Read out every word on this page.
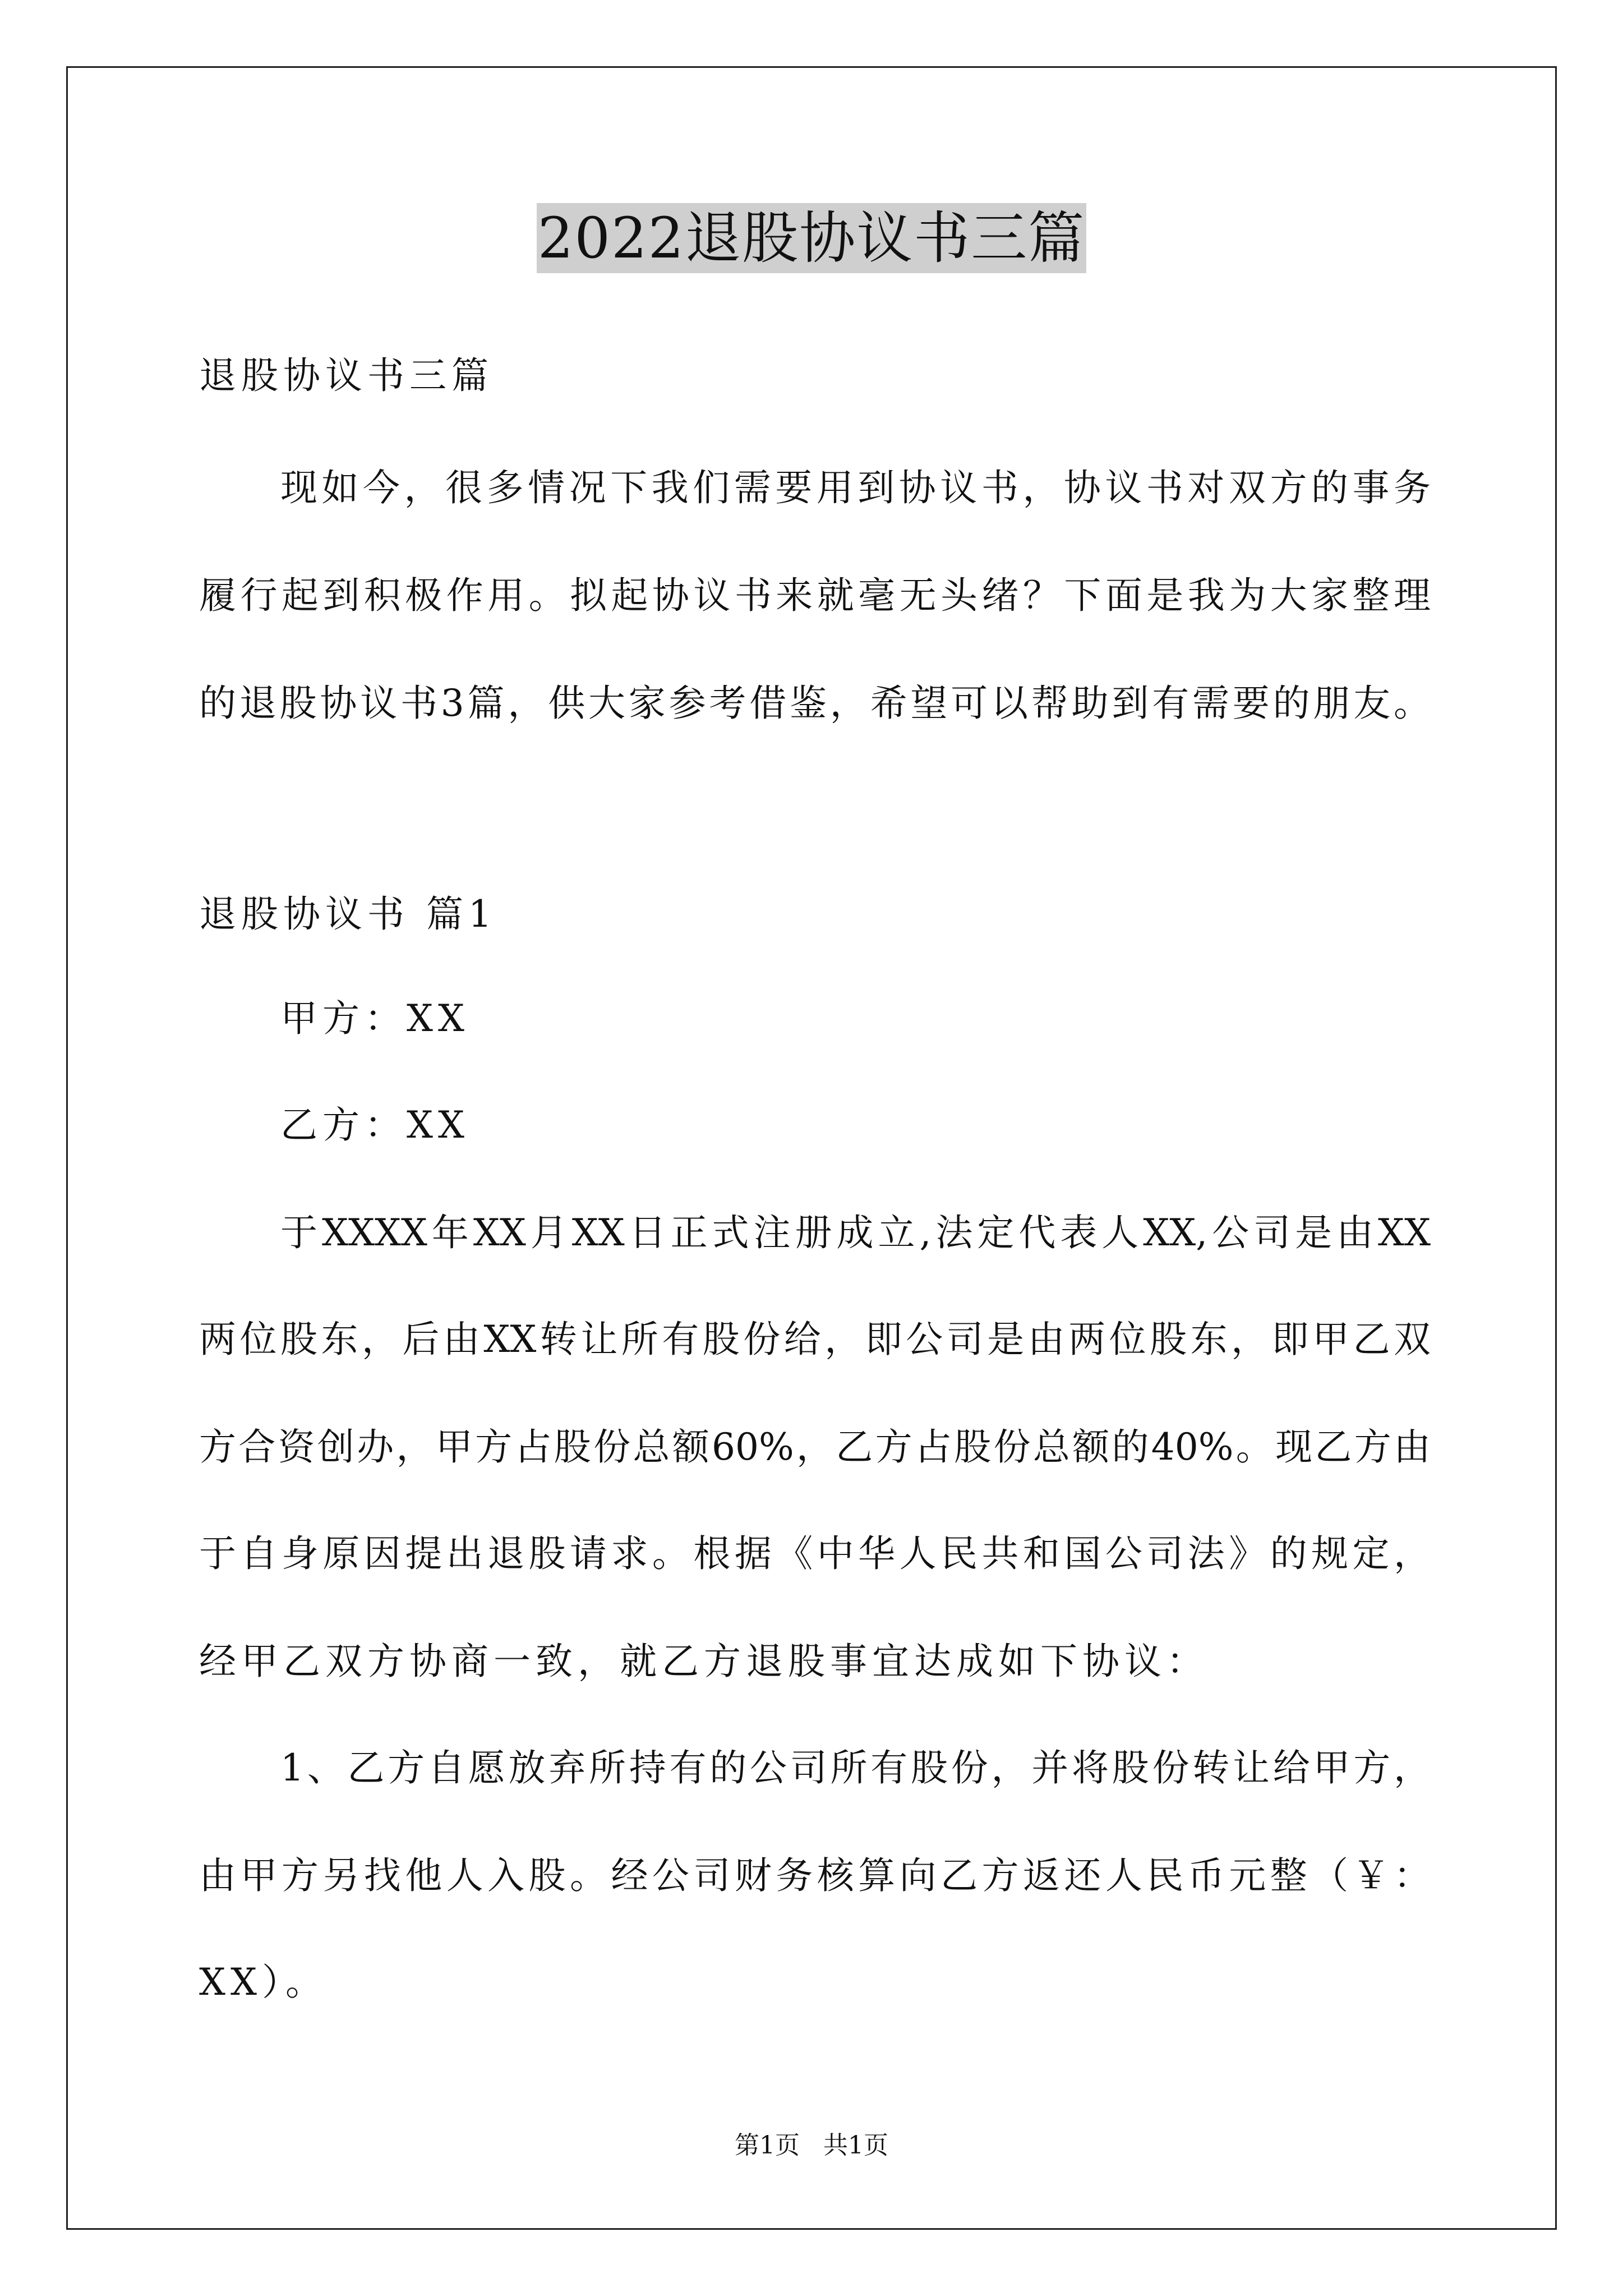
2022退股协议书三篇
退股协议书三篇
现如今，很多情况下我们需要用到协议书，协议书对双方的事务
履行起到积极作用。拟起协议书来就毫无头绪？下面是我为大家整理
的退股协议书3篇，供大家参考借鉴，希望可以帮助到有需要的朋友。
退股协议书 篇1
甲方：XX
乙方：XX
于XXXX年XX月XX日正式注册成立,法定代表人XX,公司是由XX
两位股东，后由XX转让所有股份给，即公司是由两位股东，即甲乙双
方合资创办，甲方占股份总额60%，乙方占股份总额的40%。现乙方由
于自身原因提出退股请求。根据《中华人民共和国公司法》的规定，
经甲乙双方协商一致，就乙方退股事宜达成如下协议：
1、乙方自愿放弃所持有的公司所有股份，并将股份转让给甲方，
由甲方另找他人入股。经公司财务核算向乙方返还人民币元整（￥：
XX）。
第1页 共1页
